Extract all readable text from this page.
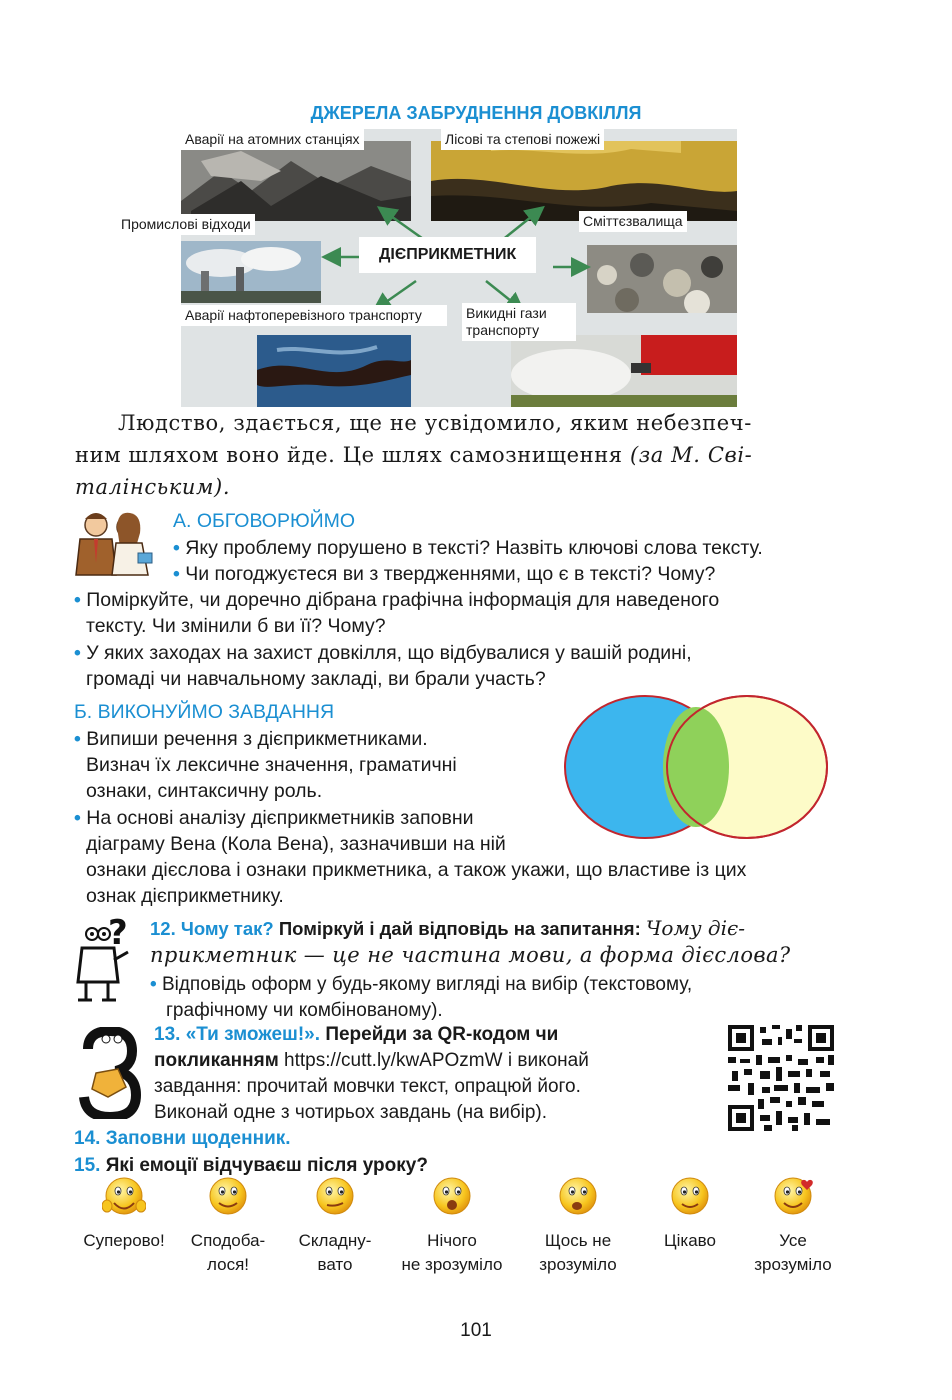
ДЖЕРЕЛА ЗАБРУДНЕННЯ ДОВКІЛЛЯ
Аварії на атомних станціях	Лісові та степові пожежі
Сміттєзвалища
Аварії нафтоперевізного транспорту	Викидні гази
транспорту
ДІЄПРИКМЕТНИК
Промислові відходи
Людство, здається, ще не усвідомило, яким небезпеч-
ним шляхом воно йде. Це шлях самознищення (за М. Сві-
талінським).
А. ОБГОВОРЮЙМО
• Яку проблему порушено в тексті? Назвіть ключові слова тексту.
• Чи погоджуєтеся ви з твердженнями, що є в тексті? Чому?
• Поміркуйте, чи доречно дібрана графічна інформація для наведеного
тексту. Чи змінили б ви її? Чому?
• У яких заходах на захист довкілля, що відбувалися у вашій родині,
громаді чи навчальному закладі, ви брали участь?
Б. ВИКОНУЙМО ЗАВДАННЯ
• Випиши речення з дієприкметниками.
Визнач їх лексичне значення, граматичні
ознаки, синтаксичну роль.
• На основі аналізу дієприкметників заповни
діаграму Вена (Кола Вена), зазначивши на ній
ознаки дієслова і ознаки прикметника, а також укажи, що властиве із цих
ознак дієприкметнику.
? 12. Чому так? Поміркуй і дай відповідь на запитання: Чому діє-
прикметник — це не частина мови, а форма дієслова?
• Відповідь оформ у будь-якому вигляді на вибір (текстовому,
графічному чи комбінованому).
13. «Ти зможеш!». Перейди за QR-кодом чи
покликанням https://cutt.ly/kwAPOzmW і виконай
завдання: прочитай мовчки текст, опрацюй його.
Виконай одне з чотирьох завдань (на вибір).
14. Заповни щоденник.
15. Які емоції відчуваєш після уроку?
Суперово!	Сподоба-
лося!
Складну-
вато
Нічого
не зрозуміло
Щось не
зрозуміло
Цікаво	Усе
зрозуміло
101
